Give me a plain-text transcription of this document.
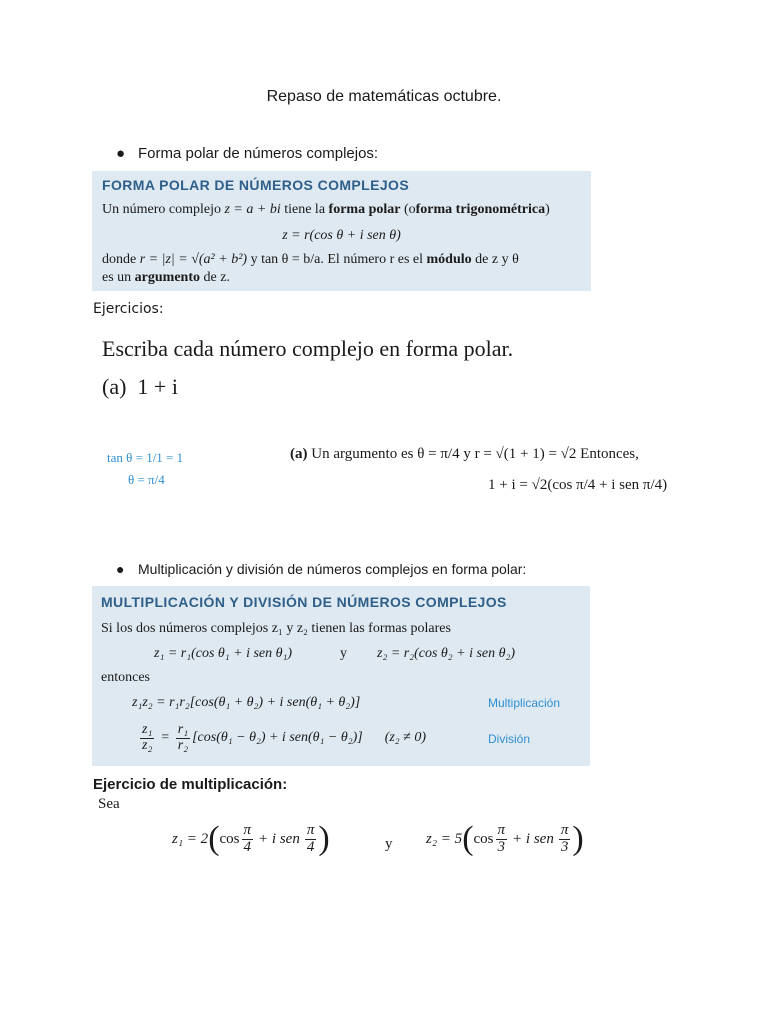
Repaso de matemáticas octubre.
● Forma polar de números complejos:
FORMA POLAR DE NÚMEROS COMPLEJOS
Un número complejo z = a + bi tiene la forma polar (oforma trigonométrica)
z = r(cos θ + i sen θ)
donde r = |z| = √(a² + b²) y tan θ = b/a. El número r es el módulo de z y θ
es un argumento de z.
Ejercicios:
Escriba cada número complejo en forma polar.
(a)  1 + i
tan θ = 1/1 = 1
θ = π/4
(a) Un argumento es θ = π/4 y r = √(1 + 1) = √2 Entonces,
1 + i = √2(cos π/4 + i sen π/4)
● Multiplicación y división de números complejos en forma polar:
MULTIPLICACIÓN Y DIVISIÓN DE NÚMEROS COMPLEJOS
Si los dos números complejos z₁ y z₂ tienen las formas polares
z₁ = r₁(cos θ₁ + i sen θ₁)	y z₂ = r₂(cos θ₂ + i sen θ₂)
entonces
z₁z₂ = r₁r₂[cos(θ₁ + θ₂) + i sen(θ₁ + θ₂)]	Multiplicación
$\frac{\text{z₁}}{\text{z₂}} = \frac{\text{r₁}}{\text{r₂}} [\cos(\theta_1 - \theta_2) + i$ sen(θ₁ − θ₂)] (z₂ ≠ 0)	División
Ejercicio de multiplicación:
Sea
z₁ = 2 ( $\cos \frac{\pi}{4} + i$ sen $\frac{\pi}{4}$ )	y z₂ = 5 ( $\cos \frac{\pi}{3} + i$ sen $\frac{\pi}{3}$ )
